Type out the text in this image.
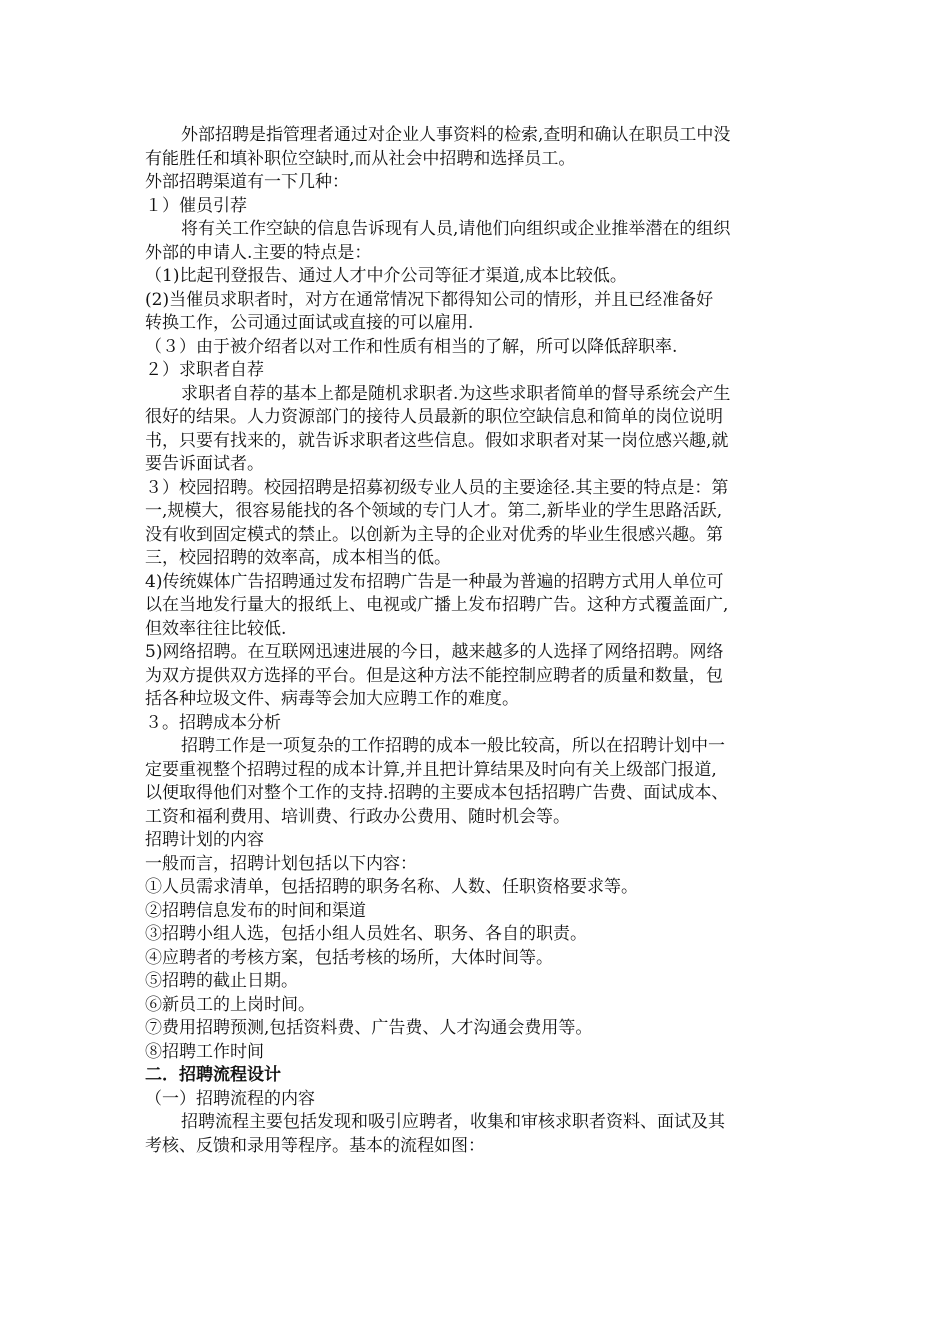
外部招聘是指管理者通过对企业人事资料的检索,查明和确认在职员工中没
有能胜任和填补职位空缺时,而从社会中招聘和选择员工。
外部招聘渠道有一下几种：
１）催员引荐
将有关工作空缺的信息告诉现有人员,请他们向组织或企业推举潜在的组织
外部的申请人.主要的特点是：
（1)比起刊登报告、通过人才中介公司等征才渠道,成本比较低。
(2)当催员求职者时，对方在通常情况下都得知公司的情形，并且已经准备好
转换工作，公司通过面试或直接的可以雇用.
（３）由于被介绍者以对工作和性质有相当的了解，所可以降低辞职率.
２）求职者自荐
求职者自荐的基本上都是随机求职者.为这些求职者简单的督导系统会产生
很好的结果。人力资源部门的接待人员最新的职位空缺信息和简单的岗位说明
书，只要有找来的，就告诉求职者这些信息。假如求职者对某一岗位感兴趣,就
要告诉面试者。
３）校园招聘。校园招聘是招募初级专业人员的主要途径.其主要的特点是：第
一,规模大，很容易能找的各个领域的专门人才。第二,新毕业的学生思路活跃,
没有收到固定模式的禁止。以创新为主导的企业对优秀的毕业生很感兴趣。第
三，校园招聘的效率高，成本相当的低。
4)传统媒体广告招聘通过发布招聘广告是一种最为普遍的招聘方式用人单位可
以在当地发行量大的报纸上、电视或广播上发布招聘广告。这种方式覆盖面广,
但效率往往比较低.
5)网络招聘。在互联网迅速进展的今日，越来越多的人选择了网络招聘。网络
为双方提供双方选择的平台。但是这种方法不能控制应聘者的质量和数量，包
括各种垃圾文件、病毒等会加大应聘工作的难度。
３。招聘成本分析
招聘工作是一项复杂的工作招聘的成本一般比较高，所以在招聘计划中一
定要重视整个招聘过程的成本计算,并且把计算结果及时向有关上级部门报道,
以便取得他们对整个工作的支持.招聘的主要成本包括招聘广告费、面试成本、
工资和福利费用、培训费、行政办公费用、随时机会等。
招聘计划的内容
一般而言，招聘计划包括以下内容：
①人员需求清单，包括招聘的职务名称、人数、任职资格要求等。
②招聘信息发布的时间和渠道
③招聘小组人选，包括小组人员姓名、职务、各自的职责。
④应聘者的考核方案，包括考核的场所，大体时间等。
⑤招聘的截止日期。
⑥新员工的上岗时间。
⑦费用招聘预测,包括资料费、广告费、人才沟通会费用等。
⑧招聘工作时间
二．招聘流程设计
（一）招聘流程的内容
招聘流程主要包括发现和吸引应聘者，收集和审核求职者资料、面试及其
考核、反馈和录用等程序。基本的流程如图：
